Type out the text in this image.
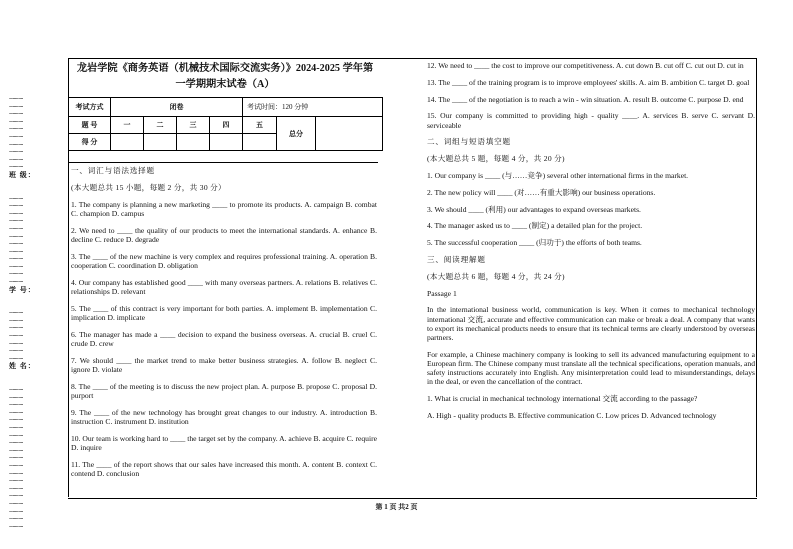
............
............
............
............
............
............
............
............
............
............
班 级：
............
............
............
............
............
............
............
............
............
............
............
............
学 号：
............
............
............
............
............
............
............
姓 名：
............
............
............
............
............
............
............
............
............
............
............
............
............
............
............
............
............
............
............
龙岩学院《商务英语（机械技术国际交流实务）》2024-2025 学年第一学期期末试卷（A）
考试方式	闭卷				考试时间：120 分钟		
题 号	一	二	三	四	五	总分	
得 分							

一、词汇与语法选择题

(本大题总共 15 小题，每题 2 分，共 30 分）

1. The company is planning a new marketing ____ to promote its products. A. campaign B. combat C. champion D. campus

2. We need to ____ the quality of our products to meet the international standards. A. enhance B. decline C. reduce D. degrade

3. The ____ of the new machine is very complex and requires professional training. A. operation B. cooperation C. coordination D. obligation

4. Our company has established good ____ with many overseas partners. A. relations B. relatives C. relationships D. relevant

5. The ____ of this contract is very important for both parties. A. implement B. implementation C. implication D. implicate

6. The manager has made a ____ decision to expand the business overseas. A. crucial B. cruel C. crude D. crew

7. We should ____ the market trend to make better business strategies. A. follow B. neglect C. ignore D. violate

8. The ____ of the meeting is to discuss the new project plan. A. purpose B. propose C. proposal D. purport

9. The ____ of the new technology has brought great changes to our industry. A. introduction B. instruction C. instrument D. institution

10. Our team is working hard to ____ the target set by the company. A. achieve B. acquire C. require D. inquire

11. The ____ of the report shows that our sales have increased this month. A. content B. context C. contend D. conclusion

12. We need to ____ the cost to improve our competitiveness. A. cut down B. cut off C. cut out D. cut in

13. The ____ of the training program is to improve employees' skills. A. aim B. ambition C. target D. goal

14. The ____ of the negotiation is to reach a win - win situation. A. result B. outcome C. purpose D. end

15. Our company is committed to providing high - quality ____. A. services B. serve C. servant D. serviceable

二、词组与短语填空题

(本大题总共 5 题，每题 4 分，共 20 分)

1. Our company is ____ (与……竞争) several other international firms in the market.

2. The new policy will ____ (对……有重大影响) our business operations.

3. We should ____ (利用) our advantages to expand overseas markets.

4. The manager asked us to ____ (制定) a detailed plan for the project.

5. The successful cooperation ____ (归功于) the efforts of both teams.

三、阅读理解题

(本大题总共 6 题，每题 4 分，共 24 分)

Passage 1

In the international business world, communication is key. When it comes to mechanical technology international 交流, accurate and effective communication can make or break a deal. A company that wants to export its mechanical products needs to ensure that its technical terms are clearly understood by overseas partners.

For example, a Chinese machinery company is looking to sell its advanced manufacturing equipment to a European firm. The Chinese company must translate all the technical specifications, operation manuals, and safety instructions accurately into English. Any misinterpretation could lead to misunderstandings, delays in the deal, or even the cancellation of the contract.

1. What is crucial in mechanical technology international 交流 according to the passage?

A. High - quality products B. Effective communication C. Low prices D. Advanced technology

第 1 页 共2 页
